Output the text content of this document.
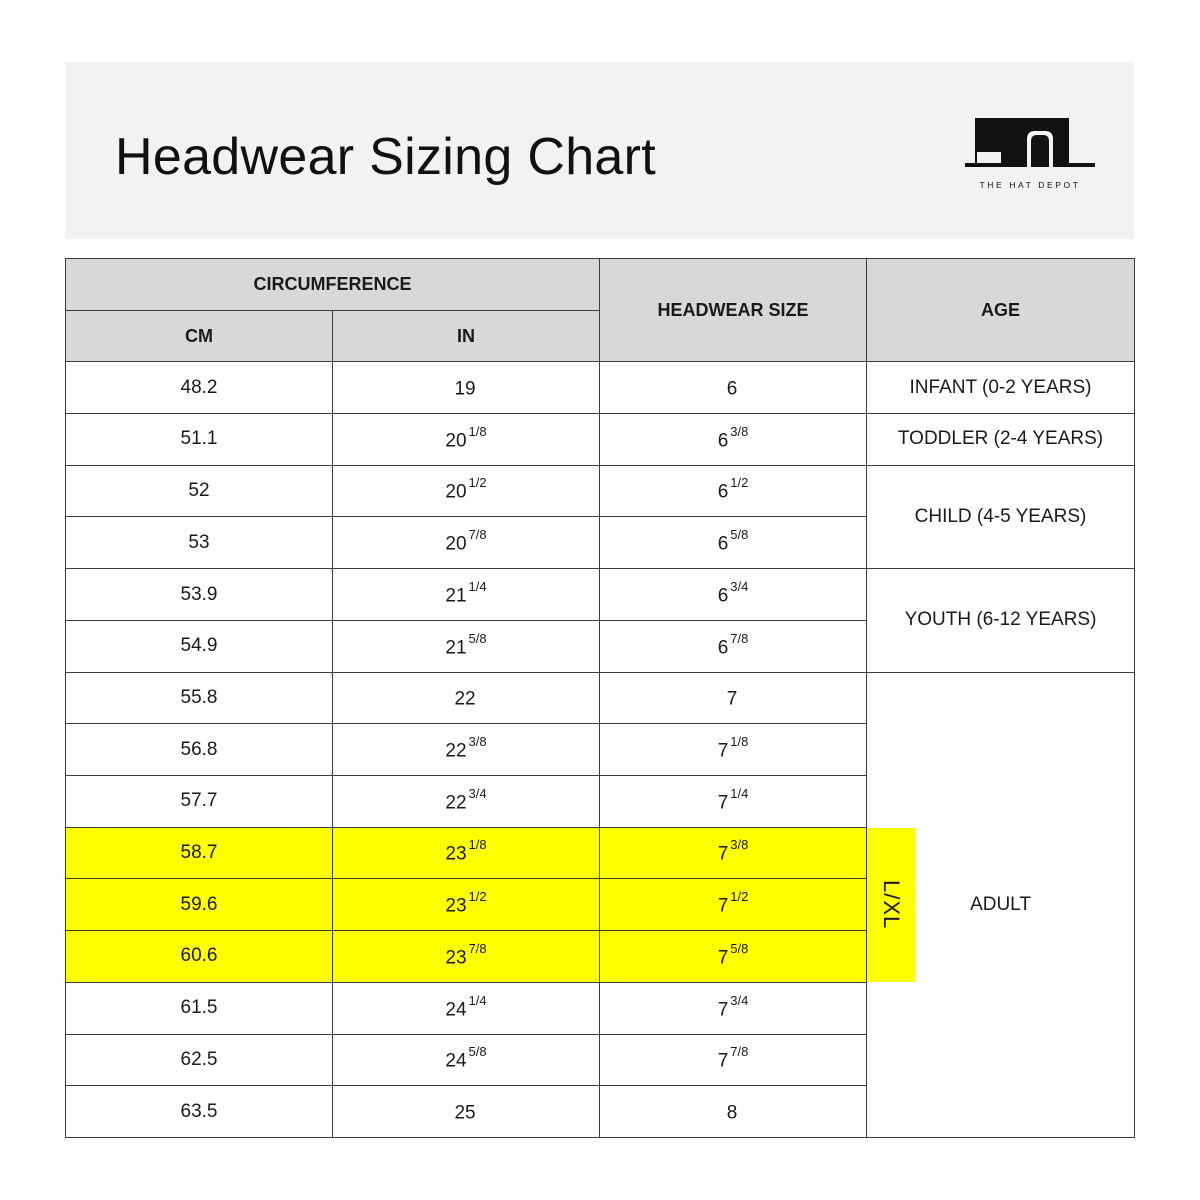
Headwear Sizing Chart	THE HAT DEPOT
CIRCUMFERENCE		HEADWEAR SIZE	AGE
CM	IN		
48.2	19	6	INFANT (0-2 YEARS)
51.1	20 $^{1/8}$	6 $^{3/8}$	TODDLER (2-4 YEARS)
52	20 $^{1/2}$	6 $^{1/2}$	CHILD (4-5 YEARS)
53	20 $^{7/8}$	6 $^{5/8}$
53.9	21 $^{1/4}$	6 $^{3/4}$	YOUTH (6-12 YEARS)
54.9	21 $^{5/8}$	6 $^{7/8}$
55.8	22	7	L/XL ADULT

56.8	22 $^{3/8}$	7 $^{1/8}$
57.7	22 $^{3/4}$	7 $^{1/4}$
58.7	23 $^{1/8}$	7 $^{3/8}$
59.6	23 $^{1/2}$	7 $^{1/2}$
60.6	23 $^{7/8}$	7 $^{5/8}$
61.5	24 $^{1/4}$	7 $^{3/4}$
62.5	24 $^{5/8}$	7 $^{7/8}$
63.5	25	8	
